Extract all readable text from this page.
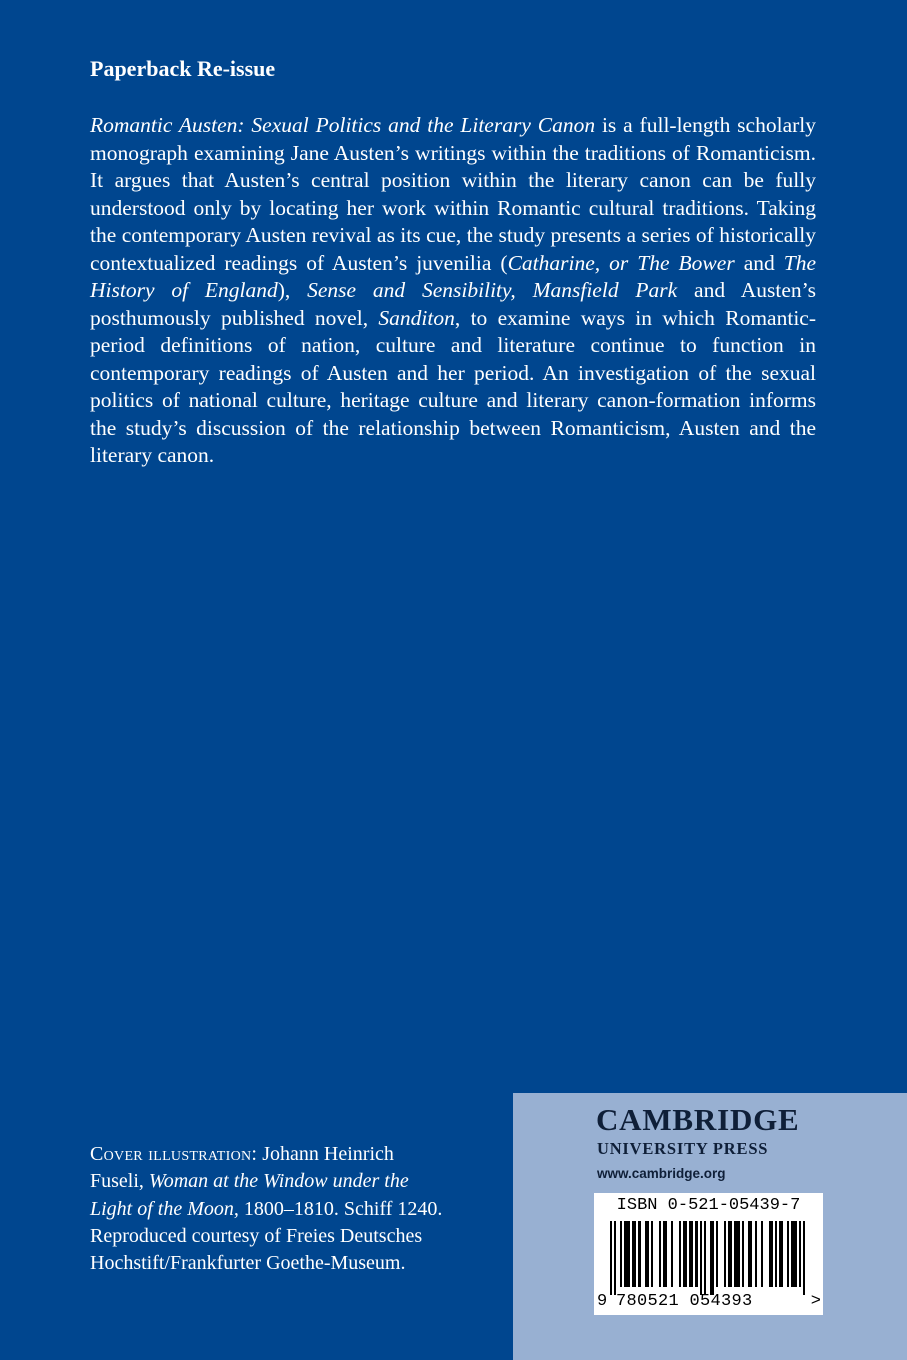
Paperback Re-issue

Romantic Austen: Sexual Politics and the Literary Canon is a full-length scholarly monograph examining Jane Austen’s writings within the traditions of Romanticism. It argues that Austen’s central position within the literary canon can be fully understood only by locating her work within Romantic cultural traditions. Taking the contemporary Austen revival as its cue, the study presents a series of historically contextualized readings of Austen’s juvenilia (Catharine, or The Bower and The History of England), Sense and Sensibility, Mansfield Park and Austen’s posthumously published novel, Sanditon, to examine ways in which Romantic-period definitions of nation, culture and literature continue to function in contemporary readings of Austen and her period. An investigation of the sexual politics of national culture, heritage culture and literary canon-formation informs the study’s discussion of the relationship between Romanticism, Austen and the literary canon.

Cover illustration: Johann Heinrich Fuseli, Woman at the Window under the Light of the Moon, 1800–1810. Schiff 1240. Reproduced courtesy of Freies Deutsches Hochstift/Frankfurter Goethe-Museum.

CAMBRIDGE
UNIVERSITY PRESS
www.cambridge.org
ISBN 0-521-05439-7
9 780521 054393	>
